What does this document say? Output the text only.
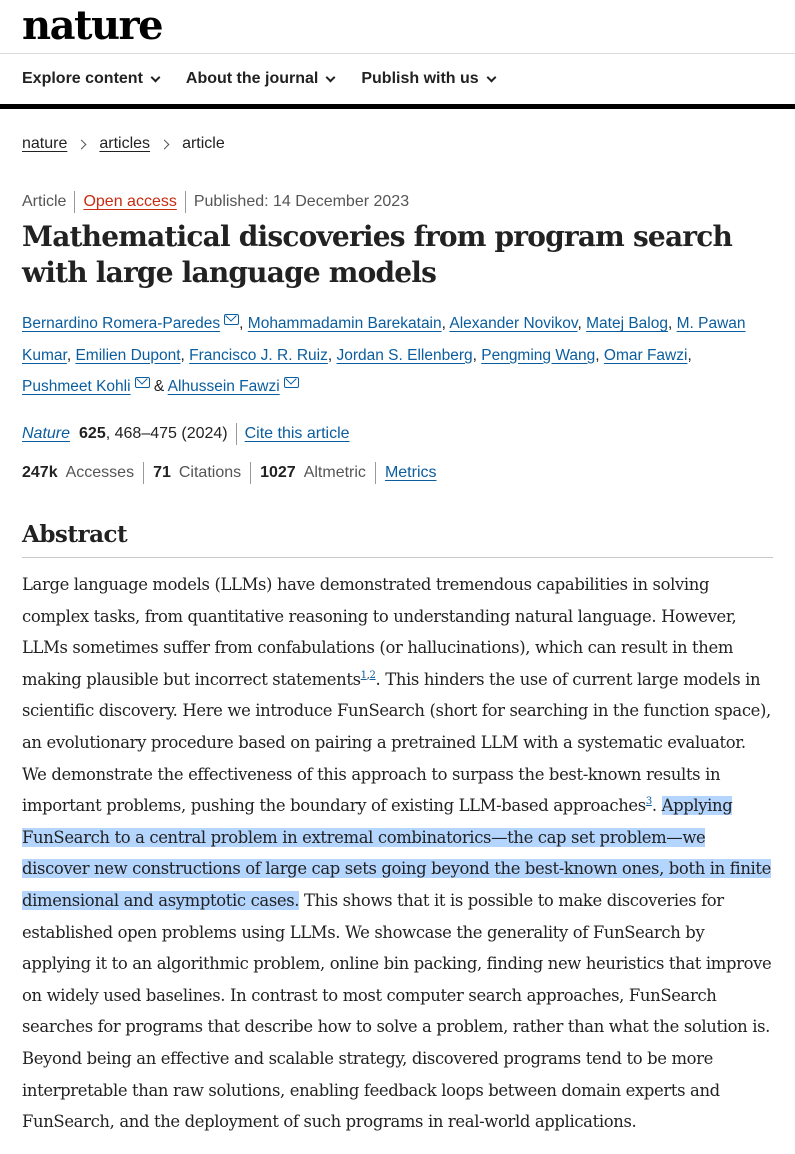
nature
Explore content	About the journal	Publish with us
nature articles article
Article Open access Published: 14 December 2023
Mathematical discoveries from program search with large language models
Bernardino Romera-Paredes , Mohammadamin Barekatain, Alexander Novikov, Matej Balog, M. Pawan Kumar, Emilien Dupont, Francisco J. R. Ruiz, Jordan S. Ellenberg, Pengming Wang, Omar Fawzi,
Pushmeet Kohli & Alhussein Fawzi
Nature 625 , 468–475 (2024) Cite this article
247k Accesses 71 Citations 1027 Altmetric Metrics
Abstract

Large language models (LLMs) have demonstrated tremendous capabilities in solving complex tasks, from quantitative reasoning to understanding natural language. However, LLMs sometimes suffer from confabulations (or hallucinations), which can result in them making plausible but incorrect statements$^{1,2}$. This hinders the use of current large models in scientific discovery. Here we introduce FunSearch (short for searching in the function space), an evolutionary procedure based on pairing a pretrained LLM with a systematic evaluator. We demonstrate the effectiveness of this approach to surpass the best-known results in important problems, pushing the boundary of existing LLM-based approaches$^3$. Applying FunSearch to a central problem in extremal combinatorics—the cap set problem—we discover new constructions of large cap sets going beyond the best-known ones, both in finite dimensional and asymptotic cases. This shows that it is possible to make discoveries for established open problems using LLMs. We showcase the generality of FunSearch by applying it to an algorithmic problem, online bin packing, finding new heuristics that improve on widely used baselines. In contrast to most computer search approaches, FunSearch searches for programs that describe how to solve a problem, rather than what the solution is. Beyond being an effective and scalable strategy, discovered programs tend to be more interpretable than raw solutions, enabling feedback loops between domain experts and FunSearch, and the deployment of such programs in real-world applications.
